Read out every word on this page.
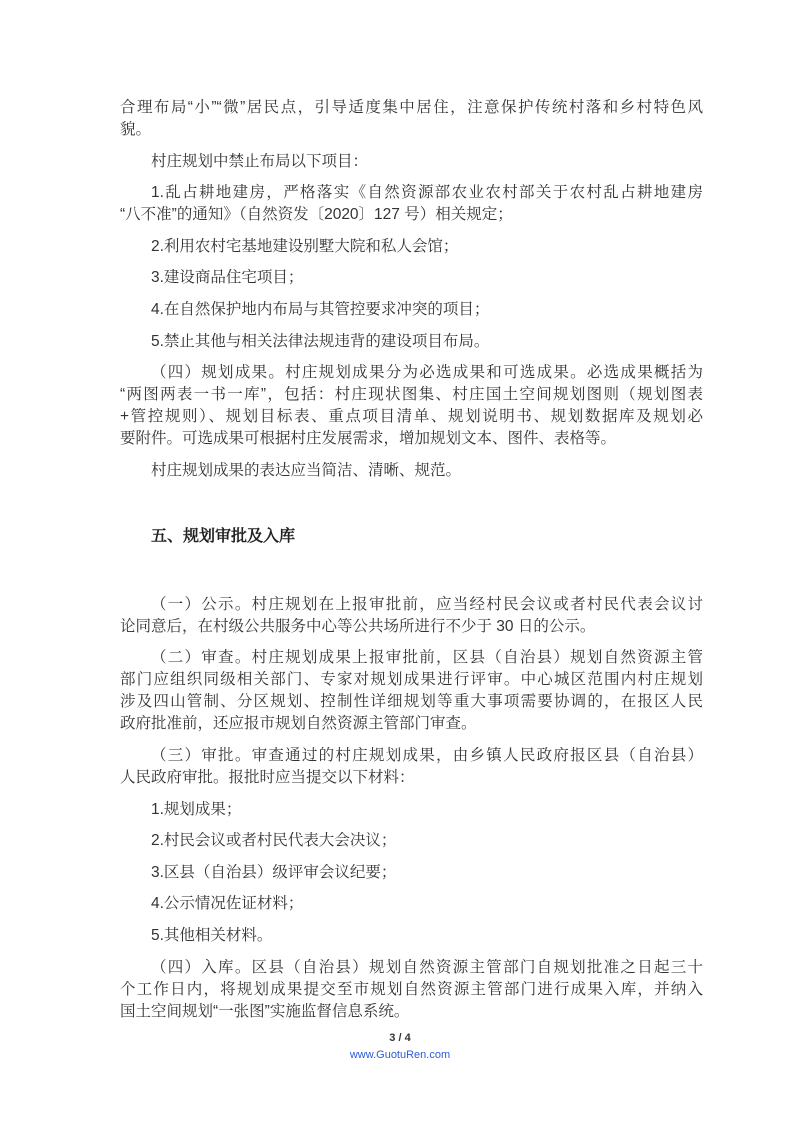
合理布局“小”“微”居民点，引导适度集中居住，注意保护传统村落和乡村特色风
貌。
村庄规划中禁止布局以下项目：
1.乱占耕地建房，严格落实《自然资源部农业农村部关于农村乱占耕地建房
“八不准”的通知》（自然资发〔2020〕127 号）相关规定；
2.利用农村宅基地建设别墅大院和私人会馆；
3.建设商品住宅项目；
4.在自然保护地内布局与其管控要求冲突的项目；
5.禁止其他与相关法律法规违背的建设项目布局。
（四）规划成果。村庄规划成果分为必选成果和可选成果。必选成果概括为
“两图两表一书一库”，包括：村庄现状图集、村庄国土空间规划图则（规划图表
+管控规则）、规划目标表、重点项目清单、规划说明书、规划数据库及规划必
要附件。可选成果可根据村庄发展需求，增加规划文本、图件、表格等。
村庄规划成果的表达应当简洁、清晰、规范。
五、规划审批及入库
（一）公示。村庄规划在上报审批前，应当经村民会议或者村民代表会议讨
论同意后，在村级公共服务中心等公共场所进行不少于 30 日的公示。
（二）审查。村庄规划成果上报审批前，区县（自治县）规划自然资源主管
部门应组织同级相关部门、专家对规划成果进行评审。中心城区范围内村庄规划
涉及四山管制、分区规划、控制性详细规划等重大事项需要协调的，在报区人民
政府批准前，还应报市规划自然资源主管部门审查。
（三）审批。审查通过的村庄规划成果，由乡镇人民政府报区县（自治县）
人民政府审批。报批时应当提交以下材料：
1.规划成果；
2.村民会议或者村民代表大会决议；
3.区县（自治县）级评审会议纪要；
4.公示情况佐证材料；
5.其他相关材料。
（四）入库。区县（自治县）规划自然资源主管部门自规划批准之日起三十
个工作日内，将规划成果提交至市规划自然资源主管部门进行成果入库，并纳入
国土空间规划“一张图”实施监督信息系统。
3 / 4
www.GuotuRen.com
